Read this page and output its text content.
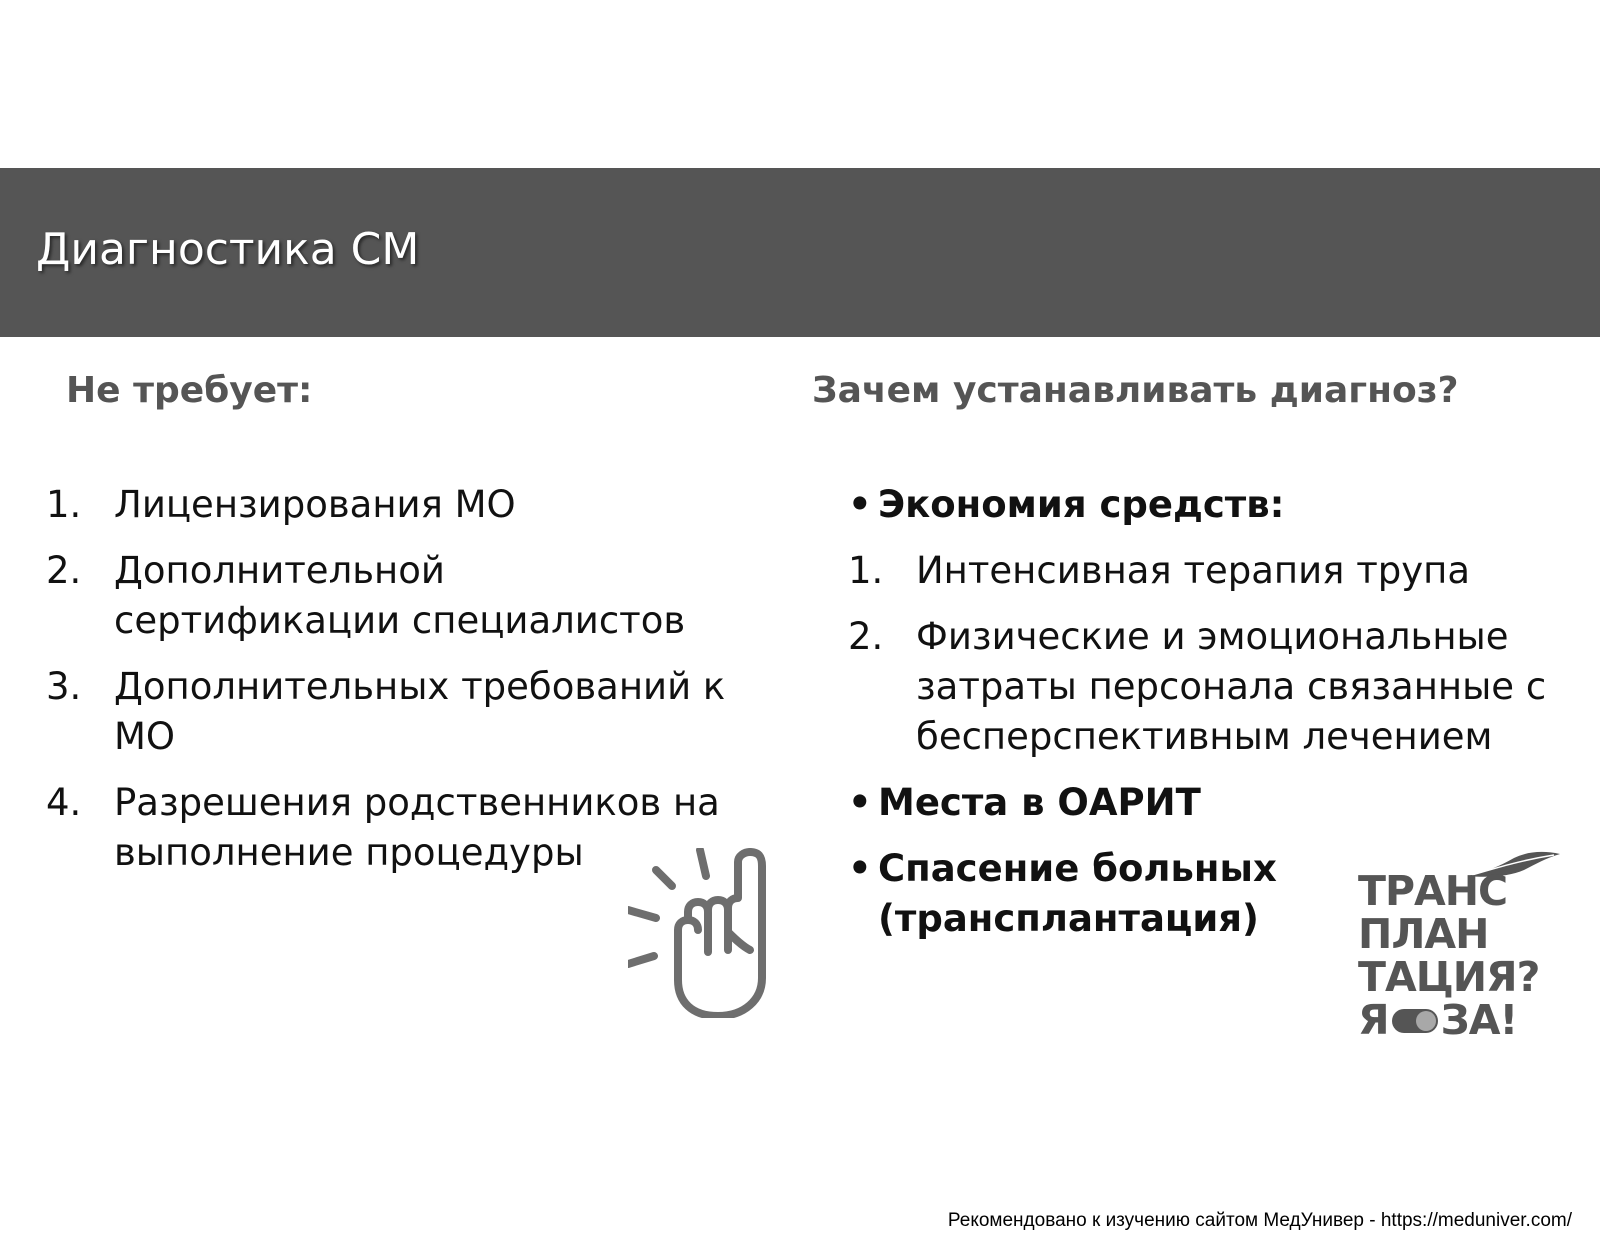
Диагностика СМ
Не требует:	Зачем устанавливать диагноз?
1. Лицензирования МО
2. Дополнительной сертификации специалистов
3. Дополнительных требований к МО
4. Разрешения родственников на выполнение процедуры
• Экономия средств:
1. Интенсивная терапия трупа
2. Физические и эмоциональные затраты персонала связанные с бесперспективным лечением
• Места в ОАРИТ
• Спасение больных (трансплантация)
ТРАНС
ПЛАН
ТАЦИЯ?
Я ЗА!
Рекомендовано к изучению сайтом МедУнивер - https://meduniver.com/
